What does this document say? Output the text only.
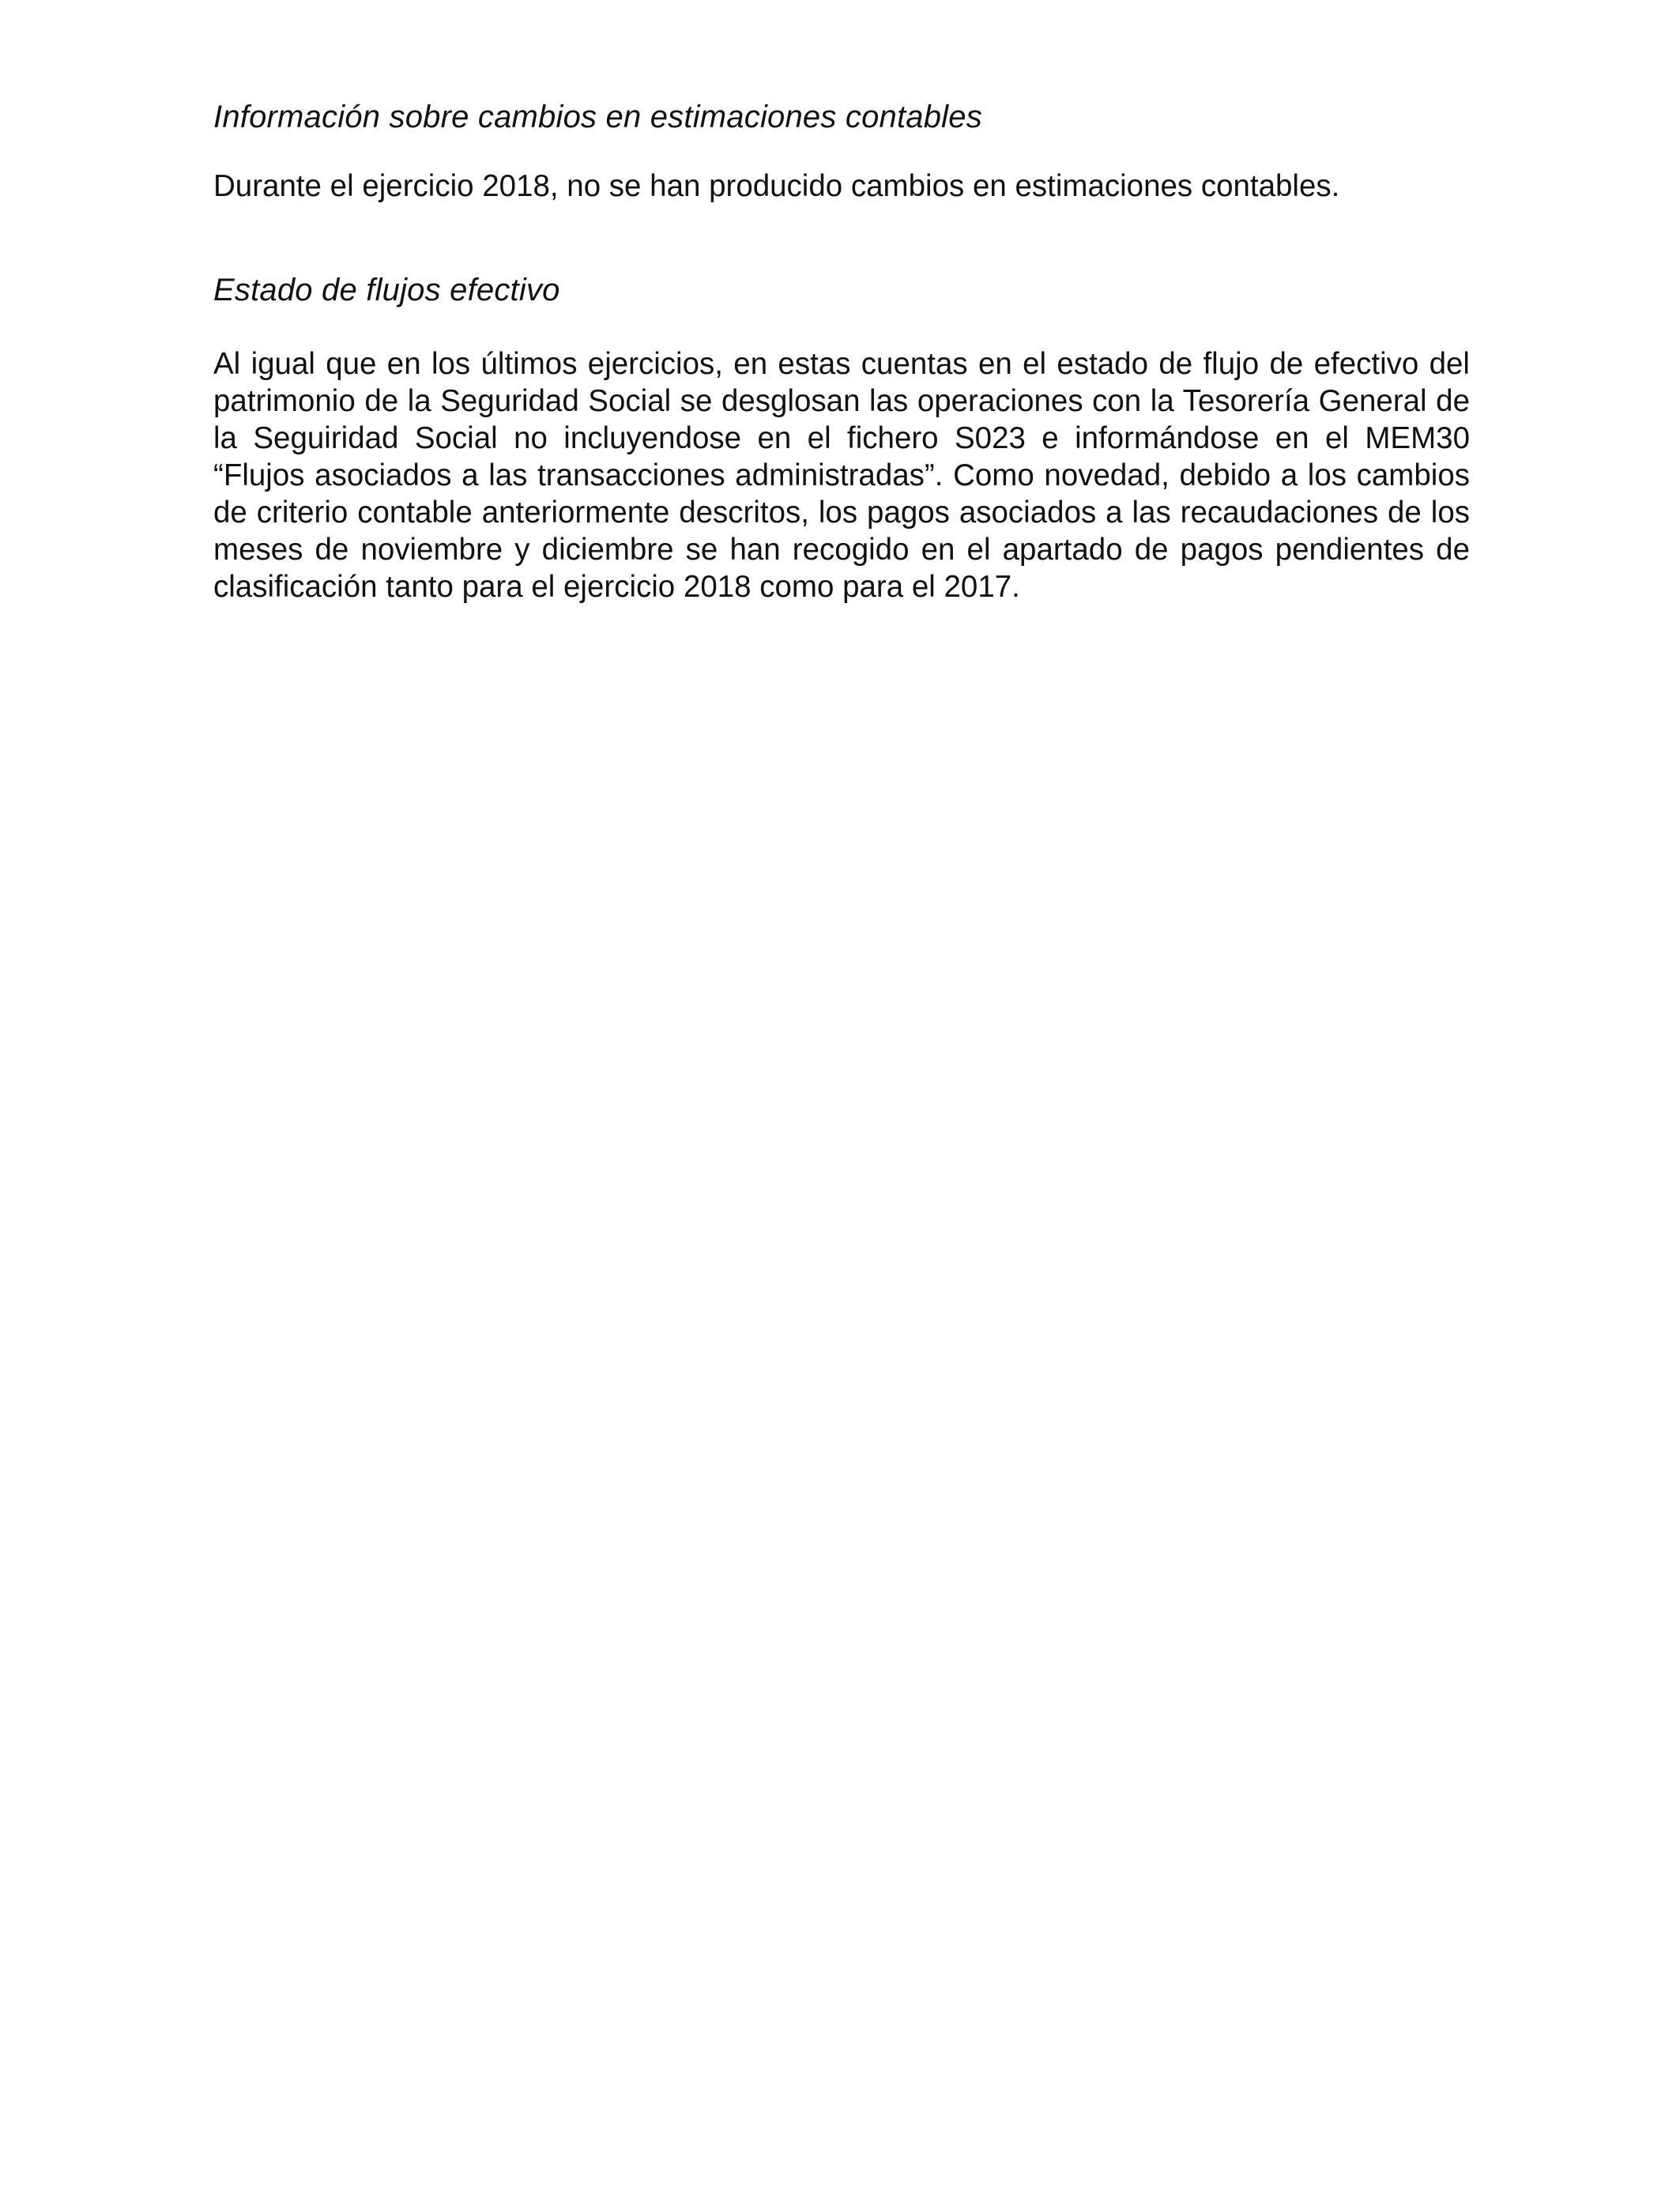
Información sobre cambios en estimaciones contables

Durante el ejercicio 2018, no se han producido cambios en estimaciones contables.

Estado de flujos efectivo

Al igual que en los últimos ejercicios, en estas cuentas en el estado de flujo de efectivo del patrimonio de la Seguridad Social se desglosan las operaciones con la Tesorería General de la Seguiridad Social no incluyendose en el fichero S023 e informándose en el MEM30 “Flujos asociados a las transacciones administradas”. Como novedad, debido a los cambios de criterio contable anteriormente descritos, los pagos asociados a las recaudaciones de los meses de noviembre y diciembre se han recogido en el apartado de pagos pendientes de clasificación tanto para el ejercicio 2018 como para el 2017.
